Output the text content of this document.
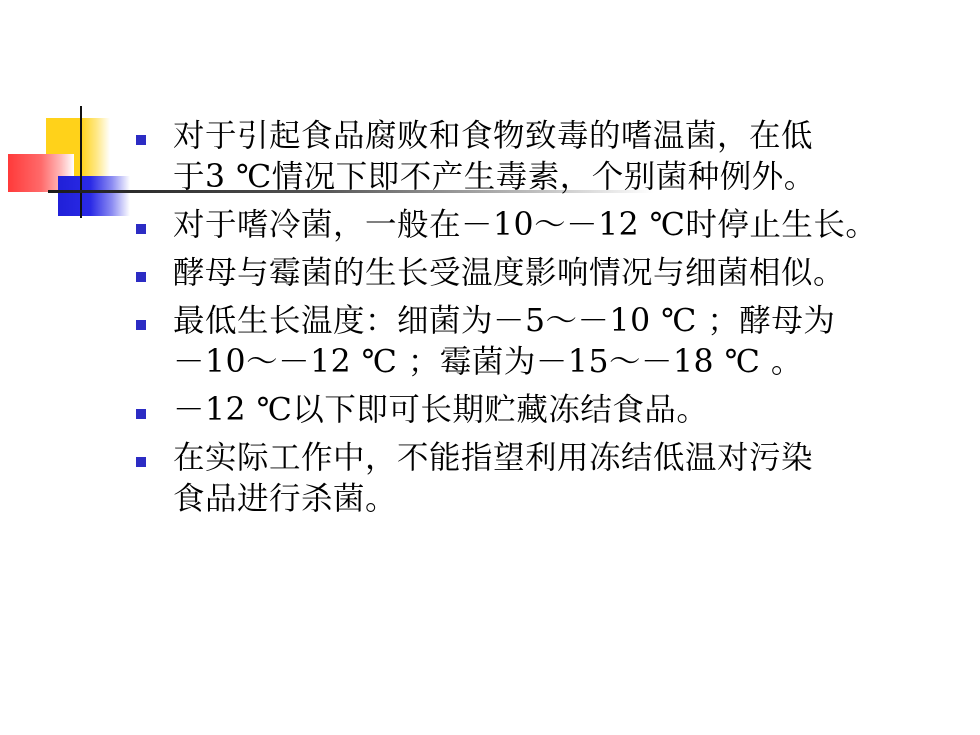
对于引起食品腐败和食物致毒的嗜温菌，在低
于3 ℃情况下即不产生毒素，个别菌种例外。
对于嗜冷菌，一般在－10～－12 ℃时停止生长。
酵母与霉菌的生长受温度影响情况与细菌相似。
最低生长温度：细菌为－5～－10 ℃ ；酵母为
－10～－12 ℃ ；霉菌为－15～－18 ℃ 。
－12 ℃以下即可长期贮藏冻结食品。
在实际工作中，不能指望利用冻结低温对污染
食品进行杀菌。
